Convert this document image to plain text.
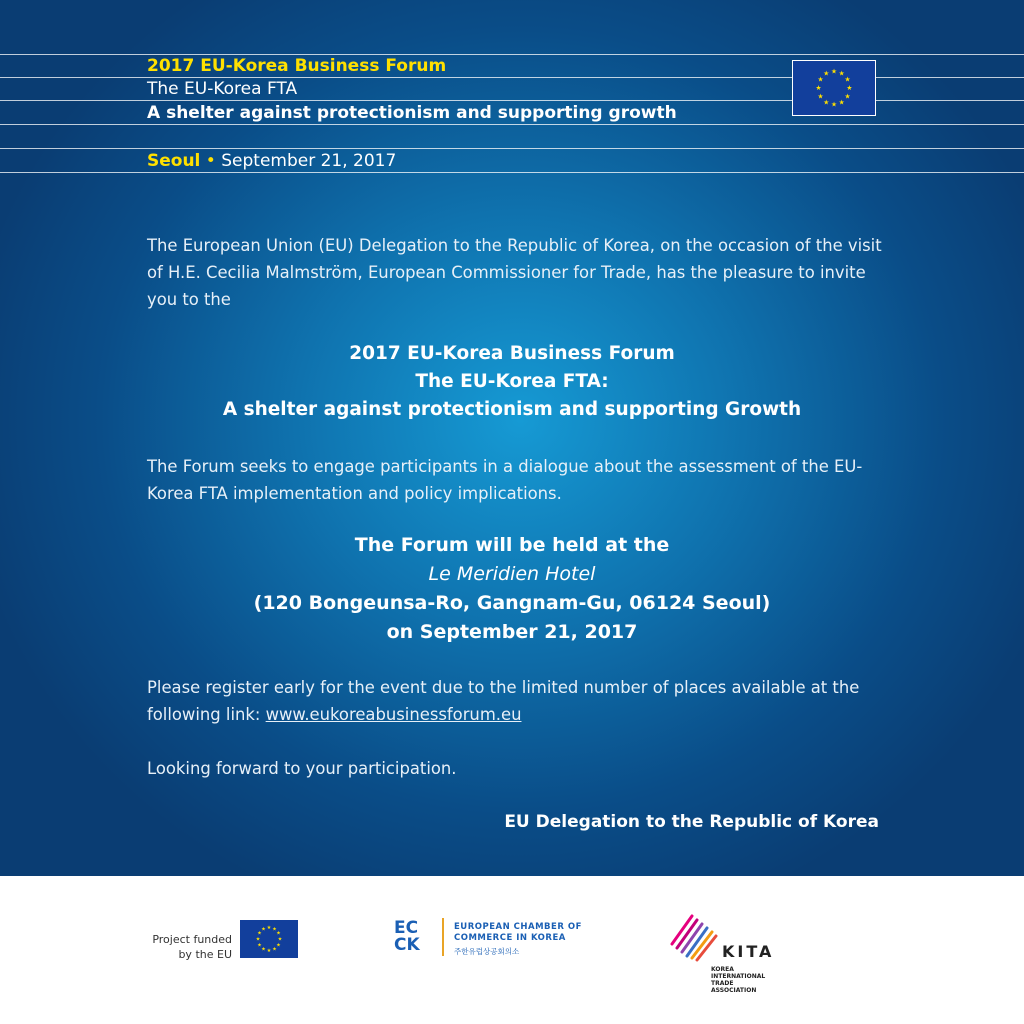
2017 EU-Korea Business Forum
The EU-Korea FTA
A shelter against protectionism and supporting growth
Seoul • September 21, 2017
★ ★
★
★
★
★
★
★
★
★
★
★
The European Union (EU) Delegation to the Republic of Korea, on the occasion of the visit of H.E. Cecilia Malmström, European Commissioner for Trade, has the pleasure to invite you to the
2017 EU-Korea Business Forum
The EU-Korea FTA:
A shelter against protectionism and supporting Growth
The Forum seeks to engage participants in a dialogue about the assessment of the EU-Korea FTA implementation and policy implications.
The Forum will be held at the
Le Meridien Hotel
(120 Bongeunsa-Ro, Gangnam-Gu, 06124 Seoul)
on September 21, 2017
Please register early for the event due to the limited number of places available at the following link: www.eukoreabusinessforum.eu
Looking forward to your participation.
EU Delegation to the Republic of Korea
Project funded
by the EU
★ ★
★
★
★
★
★
★
★
★
★
★	EC
CK
EUROPEAN CHAMBER OF
COMMERCE IN KOREA
주한유럽상공회의소	KITA
KOREA
INTERNATIONAL
TRADE
ASSOCIATION
